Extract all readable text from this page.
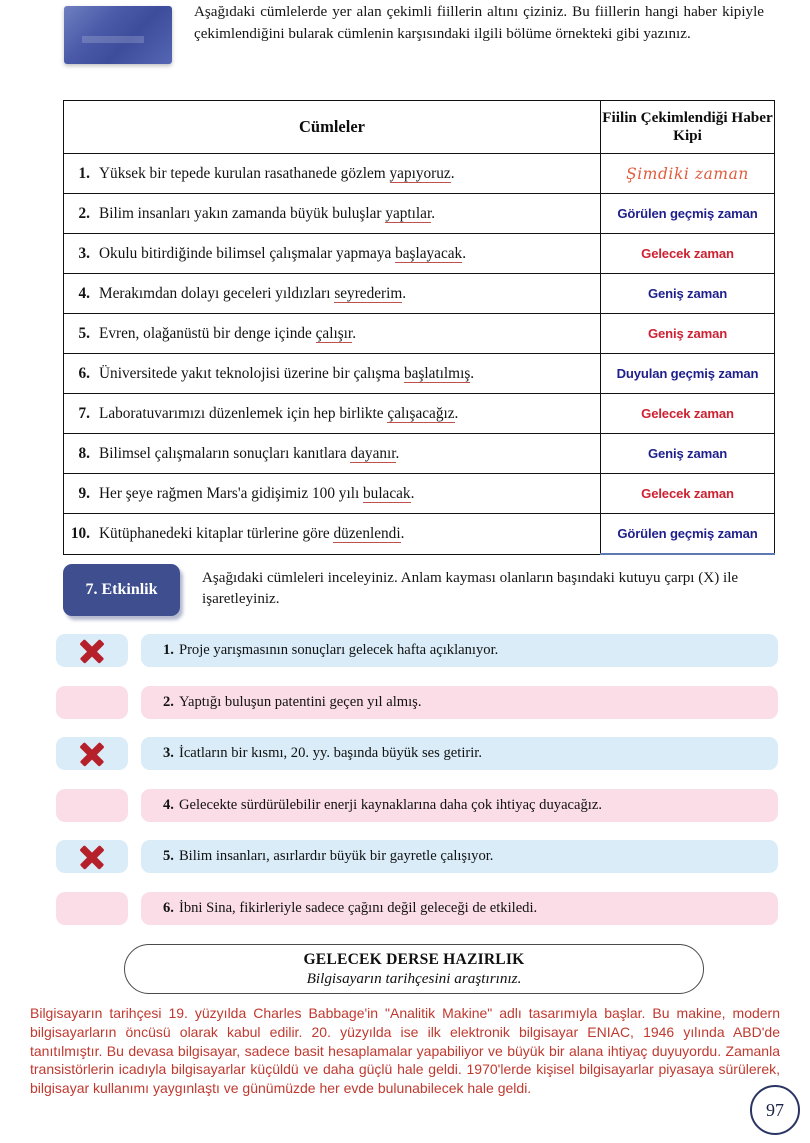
Aşağıdaki cümlelerde yer alan çekimli fiillerin altını çiziniz. Bu fiillerin hangi haber kipiyle çekimlendiğini bularak cümlenin karşısındaki ilgili bölüme örnekteki gibi yazınız.
Cümleler	Fiilin Çekimlendiği Haber Kipi

1. Yüksek bir tepede kurulan rasathanede gözlem yapıyoruz.	Şimdiki zaman

2. Bilim insanları yakın zamanda büyük buluşlar yaptılar.	Görülen geçmiş zaman

3. Okulu bitirdiğinde bilimsel çalışmalar yapmaya başlayacak.	Gelecek zaman

4. Merakımdan dolayı geceleri yıldızları seyrederim.	Geniş zaman

5. Evren, olağanüstü bir denge içinde çalışır.	Geniş zaman

6. Üniversitede yakıt teknolojisi üzerine bir çalışma başlatılmış.	Duyulan geçmiş zaman

7. Laboratuvarımızı düzenlemek için hep birlikte çalışacağız.	Gelecek zaman

8. Bilimsel çalışmaların sonuçları kanıtlara dayanır.	Geniş zaman

9. Her şeye rağmen Mars'a gidişimiz 100 yılı bulacak.	Gelecek zaman

10. Kütüphanedeki kitaplar türlerine göre düzenlendi.	Görülen geçmiş zaman
7. Etkinlik
Aşağıdaki cümleleri inceleyiniz. Anlam kayması olanların başındaki kutuyu çarpı (X) ile işaretleyiniz.
1. Proje yarışmasının sonuçları gelecek hafta açıklanıyor.
2. Yaptığı buluşun patentini geçen yıl almış.
3. İcatların bir kısmı, 20. yy. başında büyük ses getirir.
4. Gelecekte sürdürülebilir enerji kaynaklarına daha çok ihtiyaç duyacağız.
5. Bilim insanları, asırlardır büyük bir gayretle çalışıyor.
6. İbni Sina, fikirleriyle sadece çağını değil geleceği de etkiledi.
GELECEK DERSE HAZIRLIK
Bilgisayarın tarihçesini araştırınız.
Bilgisayarın tarihçesi 19. yüzyılda Charles Babbage'in "Analitik Makine" adlı tasarımıyla başlar. Bu makine, modern bilgisayarların öncüsü olarak kabul edilir. 20. yüzyılda ise ilk elektronik bilgisayar ENIAC, 1946 yılında ABD'de tanıtılmıştır. Bu devasa bilgisayar, sadece basit hesaplamalar yapabiliyor ve büyük bir alana ihtiyaç duyuyordu. Zamanla transistörlerin icadıyla bilgisayarlar küçüldü ve daha güçlü hale geldi. 1970'lerde kişisel bilgisayarlar piyasaya sürülerek, bilgisayar kullanımı yaygınlaştı ve günümüzde her evde bulunabilecek hale geldi.
97
